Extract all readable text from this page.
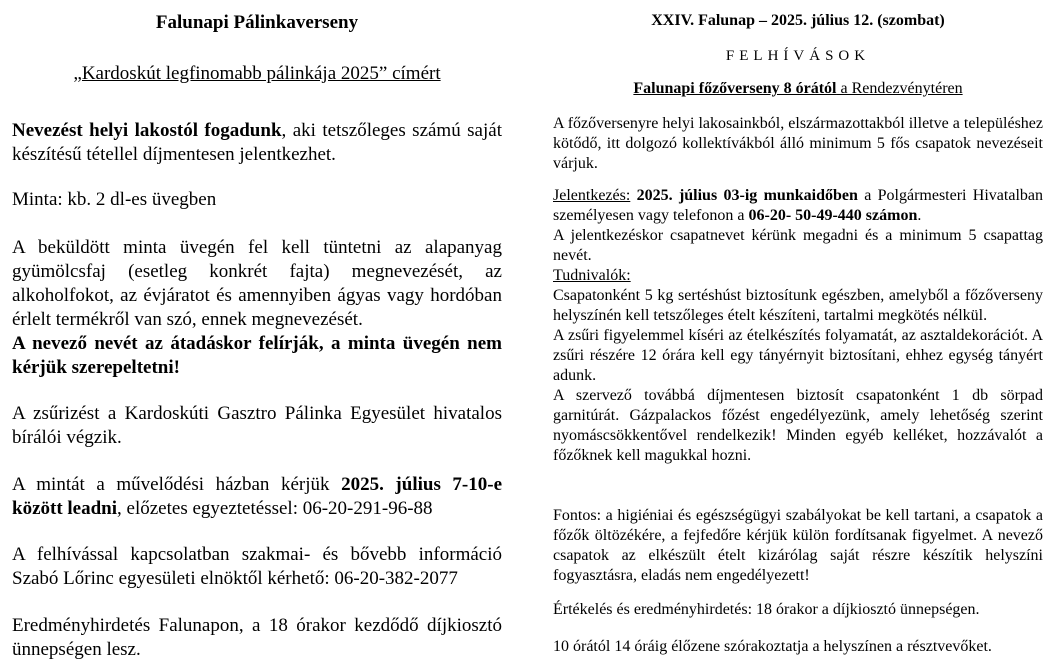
Falunapi Pálinkaverseny
„Kardoskút legfinomabb pálinkája 2025” címért

Nevezést helyi lakostól fogadunk, aki tetszőleges számú saját készítésű tétellel díjmentesen jelentkezhet.

Minta: kb. 2 dl-es üvegben

A beküldött minta üvegén fel kell tüntetni az alapanyag gyümölcsfaj (esetleg konkrét fajta) megnevezését, az alkoholfokot, az évjáratot és amennyiben ágyas vagy hordóban érlelt termékről van szó, ennek megnevezését.
A nevező nevét az átadáskor felírják, a minta üvegén nem kérjük szerepeltetni!

A zsűrizést a Kardoskúti Gasztro Pálinka Egyesület hivatalos bírálói végzik.

A mintát a művelődési házban kérjük 2025. július 7-10-e között leadni, előzetes egyeztetéssel: 06-20-291-96-88

A felhívással kapcsolatban szakmai- és bővebb információ Szabó Lőrinc egyesületi elnöktől kérhető: 06-20-382-2077

Eredményhirdetés Falunapon, a 18 órakor kezdődő díjkiosztó ünnepségen lesz.

XXIV. Falunap – 2025. július 12. (szombat)
FELHÍVÁSOK
Falunapi főzőverseny 8 órától a Rendezvénytéren

A főzőversenyre helyi lakosainkból, elszármazottakból illetve a településhez kötődő, itt dolgozó kollektívákból álló minimum 5 fős csapatok nevezéseit várjuk.

Jelentkezés: 2025. július 03-ig munkaidőben a Polgármesteri Hivatalban személyesen vagy telefonon a 06-20- 50-49-440 számon.
A jelentkezéskor csapatnevet kérünk megadni és a minimum 5 csapattag nevét.
Tudnivalók:
Csapatonként 5 kg sertéshúst biztosítunk egészben, amelyből a főzőverseny helyszínén kell tetszőleges ételt készíteni, tartalmi megkötés nélkül.
A zsűri figyelemmel kíséri az ételkészítés folyamatát, az asztaldekorációt. A zsűri részére 12 órára kell egy tányérnyit biztosítani, ehhez egység tányért adunk.
A szervező továbbá díjmentesen biztosít csapatonként 1 db sörpad garnitúrát. Gázpalackos főzést engedélyezünk, amely lehetőség szerint nyomáscsökkentővel rendelkezik! Minden egyéb kelléket, hozzávalót a főzőknek kell magukkal hozni.

Fontos: a higiéniai és egészségügyi szabályokat be kell tartani, a csapatok a főzők öltözékére, a fejfedőre kérjük külön fordítsanak figyelmet. A nevező csapatok az elkészült ételt kizárólag saját részre készítik helyszíni fogyasztásra, eladás nem engedélyezett!

Értékelés és eredményhirdetés: 18 órakor a díjkiosztó ünnepségen.

10 órától 14 óráig élőzene szórakoztatja a helyszínen a résztvevőket.
